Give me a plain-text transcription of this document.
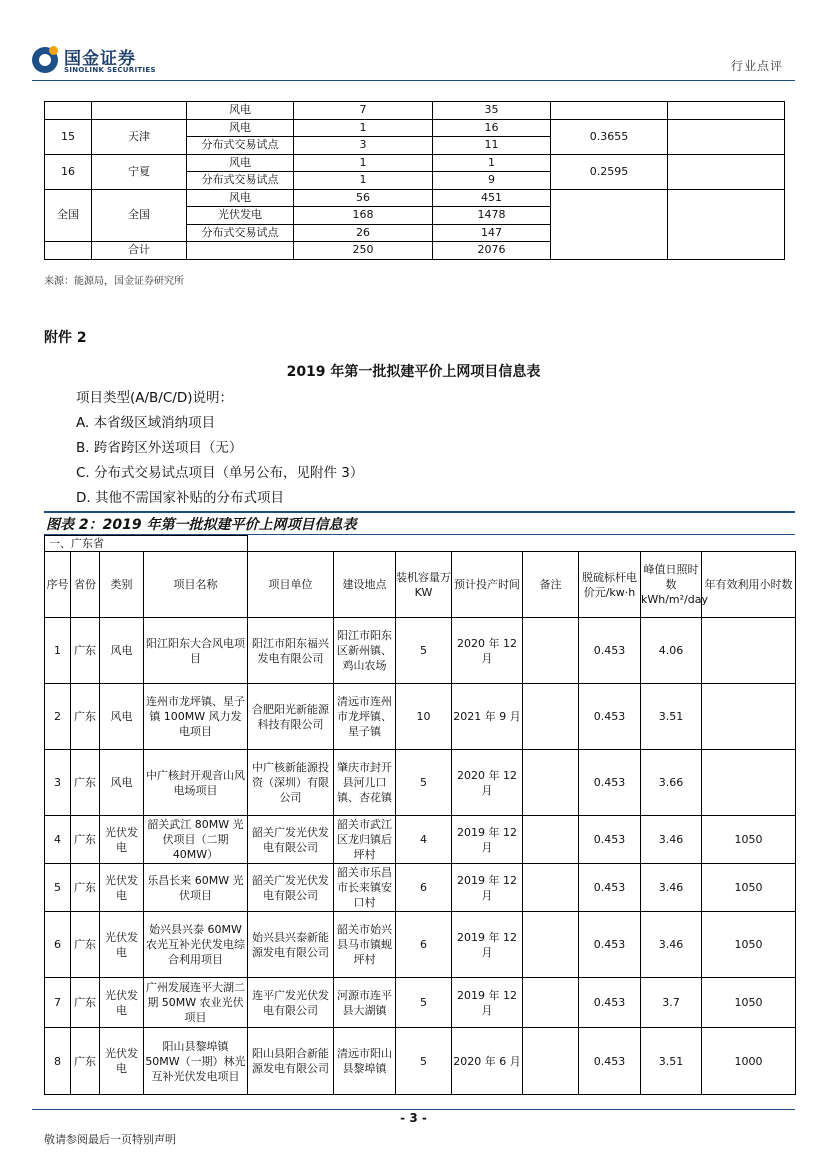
国金证券
SINOLINK SECURITIES	行业点评
		风电	7	35		
15	天津	风电	1	16	0.3655	
		分布式交易试点	3	11		
16	宁夏	风电	1	1	0.2595	
		分布式交易试点	1	9		
全国	全国	风电	56	451		
		光伏发电	168	1478		
		分布式交易试点	26	147		
	合计		250	2076		
来源：能源局，国金证券研究所
附件 2
2019 年第一批拟建平价上网项目信息表
项目类型(A/B/C/D)说明：
A. 本省级区域消纳项目
B. 跨省跨区外送项目（无）
C. 分布式交易试点项目（单另公布，见附件 3）
D. 其他不需国家补贴的分布式项目
图表 2：2019 年第一批拟建平价上网项目信息表
一、广东省											
序号	省份	类别	项目名称	项目单位	建设地点	装机容量万 KW	预计投产时间	备注	脱硫标杆电价元/kw·h	峰值日照时数kWh/m²/day	年有效利用小时数
1	广东	风电	阳江阳东大合风电项目	阳江市阳东福兴发电有限公司	阳江市阳东区新州镇、鸡山农场	5	2020 年 12 月		0.453	4.06	
2	广东	风电	连州市龙坪镇、星子镇 100MW 风力发电项目	合肥阳光新能源科技有限公司	清远市连州市龙坪镇、星子镇	10	2021 年 9 月		0.453	3.51	
3	广东	风电	中广核封开观音山风电场项目	中广核新能源投资（深圳）有限公司	肇庆市封开县河儿口镇、杏花镇	5	2020 年 12 月		0.453	3.66	
4	广东	光伏发电	韶关武江 80MW 光伏项目（二期 40MW）	韶关广发光伏发电有限公司	韶关市武江区龙归镇后坪村	4	2019 年 12 月		0.453	3.46	1050
5	广东	光伏发电	乐昌长来 60MW 光伏项目	韶关广发光伏发电有限公司	韶关市乐昌市长来镇安口村	6	2019 年 12 月		0.453	3.46	1050
6	广东	光伏发电	始兴县兴泰 60MW 农光互补光伏发电综合利用项目	始兴县兴泰新能源发电有限公司	韶关市始兴县马市镇蚬坪村	6	2019 年 12 月		0.453	3.46	1050
7	广东	光伏发电	广州发展连平大湖二期 50MW 农业光伏项目	连平广发光伏发电有限公司	河源市连平县大湖镇	5	2019 年 12 月		0.453	3.7	1050
8	广东	光伏发电	阳山县黎埠镇 50MW（一期）林光互补光伏发电项目	阳山县阳合新能源发电有限公司	清远市阳山县黎埠镇	5	2020 年 6 月		0.453	3.51	1000
- 3 -
敬请参阅最后一页特别声明
